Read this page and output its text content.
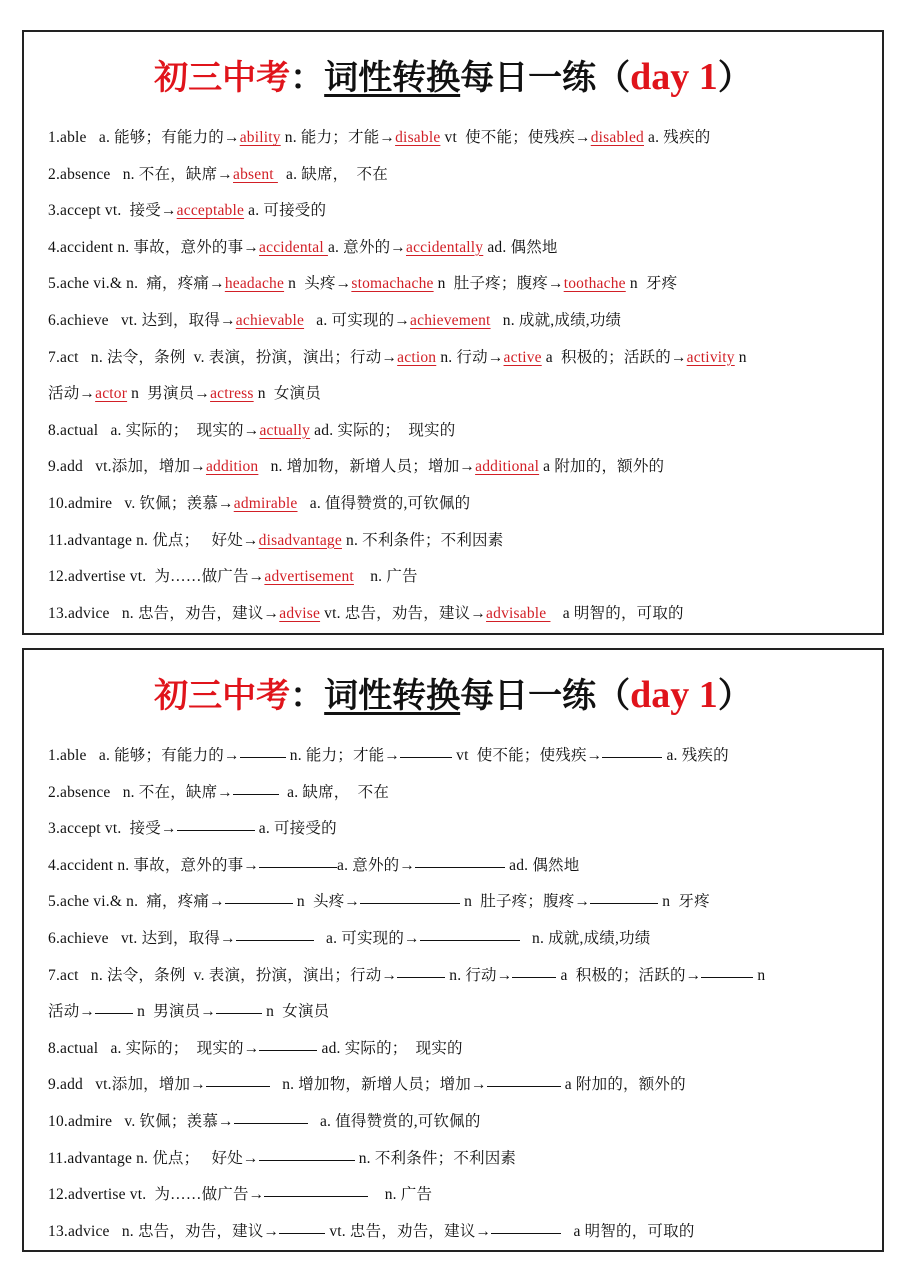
初三中考：词性转换每日一练（day 1）
1.able   a. 能够；有能力的→ability n. 能力；才能→disable vt  使不能；使残疾→disabled a. 残疾的
2.absence   n. 不在，缺席→absent   a. 缺席，  不在
3.accept vt.  接受→acceptable a. 可接受的
4.accident n. 事故，意外的事→accidental a. 意外的→accidentally ad. 偶然地
5.ache vi.& n.  痛，疼痛→headache n  头疼→stomachache n  肚子疼；腹疼→toothache n  牙疼
6.achieve   vt. 达到，取得→achievable   a. 可实现的→achievement   n. 成就,成绩,功绩
7.act   n. 法令，条例  v. 表演，扮演，演出；行动→action n. 行动→active a  积极的；活跃的→activity n
活动→actor n  男演员→actress n  女演员
8.actual   a. 实际的；  现实的→actually ad. 实际的；  现实的
9.add   vt.添加，增加→addition   n. 增加物，新增人员；增加→additional a 附加的，额外的
10.admire   v. 钦佩；羡慕→admirable   a. 值得赞赏的,可钦佩的
11.advantage n. 优点；   好处→disadvantage n. 不利条件；不利因素
12.advertise vt.  为……做广告→advertisement    n. 广告
13.advice   n. 忠告，劝告，建议→advise vt. 忠告，劝告，建议→advisable    a 明智的，可取的
初三中考：词性转换每日一练（day 1）
1.able   a. 能够；有能力的→	n. 能力；才能→	vt  使不能；使残疾→	a. 残疾的
2.absence   n. 不在，缺席→	a. 缺席，  不在
3.accept vt.  接受→	a. 可接受的
4.accident n. 事故，意外的事→	a. 意外的→	ad. 偶然地
5.ache vi.& n.  痛，疼痛→	n  头疼→	n  肚子疼；腹疼→	n  牙疼
6.achieve   vt. 达到，取得→	a. 可实现的→	n. 成就,成绩,功绩
7.act   n. 法令，条例  v. 表演，扮演，演出；行动→	n. 行动→	a  积极的；活跃的→	n
活动→ n  男演员→	n  女演员
8.actual   a. 实际的；  现实的→	ad. 实际的；  现实的
9.add   vt.添加，增加→	n. 增加物，新增人员；增加→	a 附加的，额外的
10.admire   v. 钦佩；羡慕→	a. 值得赞赏的,可钦佩的
11.advantage n. 优点；   好处→	n. 不利条件；不利因素
12.advertise vt.  为……做广告→	n. 广告
13.advice   n. 忠告，劝告，建议→	vt. 忠告，劝告，建议→	a 明智的，可取的
